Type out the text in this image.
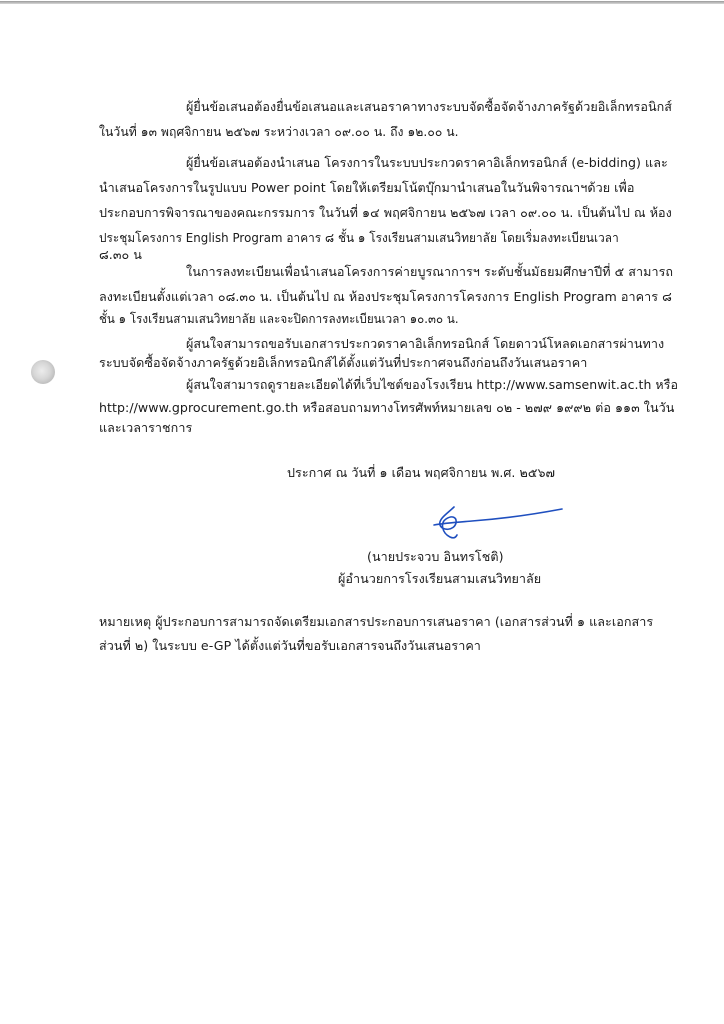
ผู้ยื่นข้อเสนอต้องยื่นข้อเสนอและเสนอราคาทางระบบจัดซื้อจัดจ้างภาครัฐด้วยอิเล็กทรอนิกส์
ในวันที่ ๑๓ พฤศจิกายน ๒๕๖๗ ระหว่างเวลา ๐๙.๐๐ น. ถึง ๑๒.๐๐ น.
ผู้ยื่นข้อเสนอต้องนำเสนอ โครงการในระบบประกวดราคาอิเล็กทรอนิกส์ (e-bidding) และ
นำเสนอโครงการในรูปแบบ Power point โดยให้เตรียมโน้ตบุ๊กมานำเสนอในวันพิจารณาฯด้วย เพื่อ
ประกอบการพิจารณาของคณะกรรมการ ในวันที่ ๑๔ พฤศจิกายน ๒๕๖๗ เวลา ๐๙.๐๐ น. เป็นต้นไป ณ ห้อง
ประชุมโครงการ English Program อาคาร ๘ ชั้น ๑ โรงเรียนสามเสนวิทยาลัย โดยเริ่มลงทะเบียนเวลา
๘.๓๐ น
ในการลงทะเบียนเพื่อนำเสนอโครงการค่ายบูรณาการฯ ระดับชั้นมัธยมศึกษาปีที่ ๕ สามารถ
ลงทะเบียนตั้งแต่เวลา ๐๘.๓๐ น. เป็นต้นไป ณ ห้องประชุมโครงการโครงการ English Program อาคาร ๘
ชั้น ๑ โรงเรียนสามเสนวิทยาลัย และจะปิดการลงทะเบียนเวลา ๑๐.๓๐ น.
ผู้สนใจสามารถขอรับเอกสารประกวดราคาอิเล็กทรอนิกส์ โดยดาวน์โหลดเอกสารผ่านทาง
ระบบจัดซื้อจัดจ้างภาครัฐด้วยอิเล็กทรอนิกส์ได้ตั้งแต่วันที่ประกาศจนถึงก่อนถึงวันเสนอราคา
ผู้สนใจสามารถดูรายละเอียดได้ที่เว็บไซต์ของโรงเรียน http://www.samsenwit.ac.th หรือ
http://www.gprocurement.go.th หรือสอบถามทางโทรศัพท์หมายเลข ๐๒ - ๒๗๙ ๑๙๙๒ ต่อ ๑๑๓ ในวัน
และเวลาราชการ
ประกาศ ณ วันที่ ๑ เดือน พฤศจิกายน พ.ศ. ๒๕๖๗
(นายประจวบ อินทรโชติ)
ผู้อำนวยการโรงเรียนสามเสนวิทยาลัย
หมายเหตุ ผู้ประกอบการสามารถจัดเตรียมเอกสารประกอบการเสนอราคา (เอกสารส่วนที่ ๑ และเอกสาร
ส่วนที่ ๒) ในระบบ e-GP ได้ตั้งแต่วันที่ขอรับเอกสารจนถึงวันเสนอราคา
